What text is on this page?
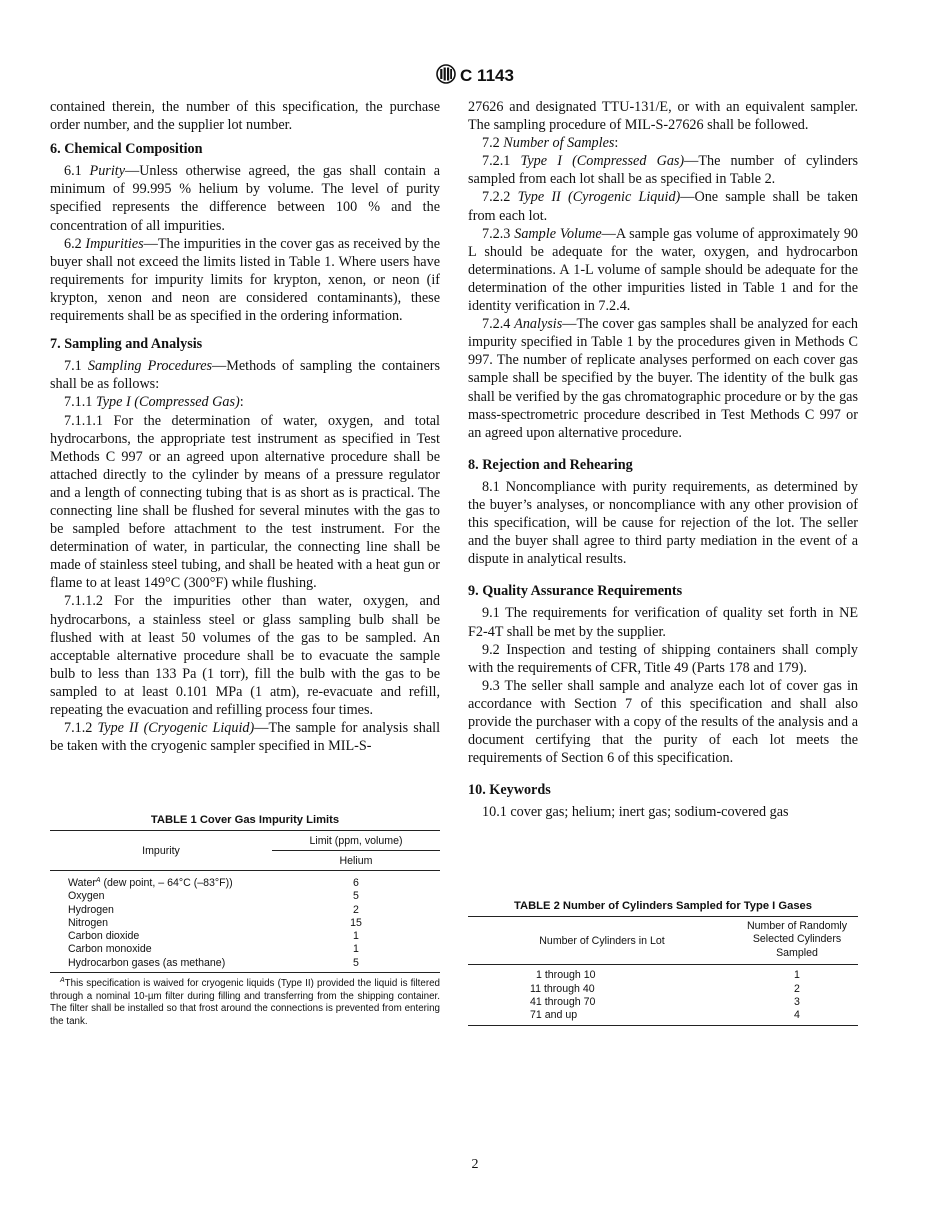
C 1143

contained therein, the number of this specification, the purchase order number, and the supplier lot number.

6. Chemical Composition

6.1 Purity—Unless otherwise agreed, the gas shall contain a minimum of 99.995 % helium by volume. The level of purity specified represents the difference between 100 % and the concentration of all impurities.

6.2 Impurities—The impurities in the cover gas as received by the buyer shall not exceed the limits listed in Table 1. Where users have requirements for impurity limits for krypton, xenon, or neon (if krypton, xenon and neon are considered contaminants), these requirements shall be as specified in the ordering information.

7. Sampling and Analysis

7.1 Sampling Procedures—Methods of sampling the containers shall be as follows:

7.1.1 Type I (Compressed Gas):

7.1.1.1 For the determination of water, oxygen, and total hydrocarbons, the appropriate test instrument as specified in Test Methods C 997 or an agreed upon alternative procedure shall be attached directly to the cylinder by means of a pressure regulator and a length of connecting tubing that is as short as is practical. The connecting line shall be flushed for several minutes with the gas to be sampled before attachment to the test instrument. For the determination of water, in particular, the connecting line shall be made of stainless steel tubing, and shall be heated with a heat gun or flame to at least 149°C (300°F) while flushing.

7.1.1.2 For the impurities other than water, oxygen, and hydrocarbons, a stainless steel or glass sampling bulb shall be flushed with at least 50 volumes of the gas to be sampled. An acceptable alternative procedure shall be to evacuate the sample bulb to less than 133 Pa (1 torr), fill the bulb with the gas to be sampled to at least 0.101 MPa (1 atm), re-evacuate and refill, repeating the evacuation and refilling process four times.

7.1.2 Type II (Cryogenic Liquid)—The sample for analysis shall be taken with the cryogenic sampler specified in MIL-S-

27626 and designated TTU-131/E, or with an equivalent sampler. The sampling procedure of MIL-S-27626 shall be followed.

7.2 Number of Samples:

7.2.1 Type I (Compressed Gas)—The number of cylinders sampled from each lot shall be as specified in Table 2.

7.2.2 Type II (Cyrogenic Liquid)—One sample shall be taken from each lot.

7.2.3 Sample Volume—A sample gas volume of approximately 90 L should be adequate for the water, oxygen, and hydrocarbon determinations. A 1-L volume of sample should be adequate for the determination of the other impurities listed in Table 1 and for the identity verification in 7.2.4.

7.2.4 Analysis—The cover gas samples shall be analyzed for each impurity specified in Table 1 by the procedures given in Methods C 997. The number of replicate analyses performed on each cover gas sample shall be specified by the buyer. The identity of the bulk gas shall be verified by the gas chromatographic procedure or by the gas mass-spectrometric procedure described in Test Methods C 997 or an agreed upon alternative procedure.

8. Rejection and Rehearing

8.1 Noncompliance with purity requirements, as determined by the buyer’s analyses, or noncompliance with any other provision of this specification, will be cause for rejection of the lot. The seller and the buyer shall agree to third party mediation in the event of a dispute in analytical results.

9. Quality Assurance Requirements

9.1 The requirements for verification of quality set forth in NE F2-4T shall be met by the supplier.

9.2 Inspection and testing of shipping containers shall comply with the requirements of CFR, Title 49 (Parts 178 and 179).

9.3 The seller shall sample and analyze each lot of cover gas in accordance with Section 7 of this specification and shall also provide the purchaser with a copy of the results of the analysis and a document certifying that the purity of each lot meets the requirements of Section 6 of this specification.

10. Keywords

10.1 cover gas; helium; inert gas; sodium-covered gas

TABLE 1 Cover Gas Impurity Limits
Impurity	Limit (ppm, volume)
	Helium
Water$^A$ (dew point, – 64°C (–83°F))	6
Oxygen	5
Hydrogen	2
Nitrogen	15
Carbon dioxide	1
Carbon monoxide	1
Hydrocarbon gases (as methane)	5
$^A$This specification is waived for cryogenic liquids (Type II) provided the liquid is filtered through a nominal 10-µm filter during filling and transferring from the shipping container. The filter shall be installed so that frost around the connections is prevented from entering the tank.
TABLE 2 Number of Cylinders Sampled for Type I Gases
Number of Cylinders in Lot	Number of Randomly
Selected Cylinders
Sampled

1 through 10	1
11 through 40	2
41 through 70	3
71 and up	4
2
